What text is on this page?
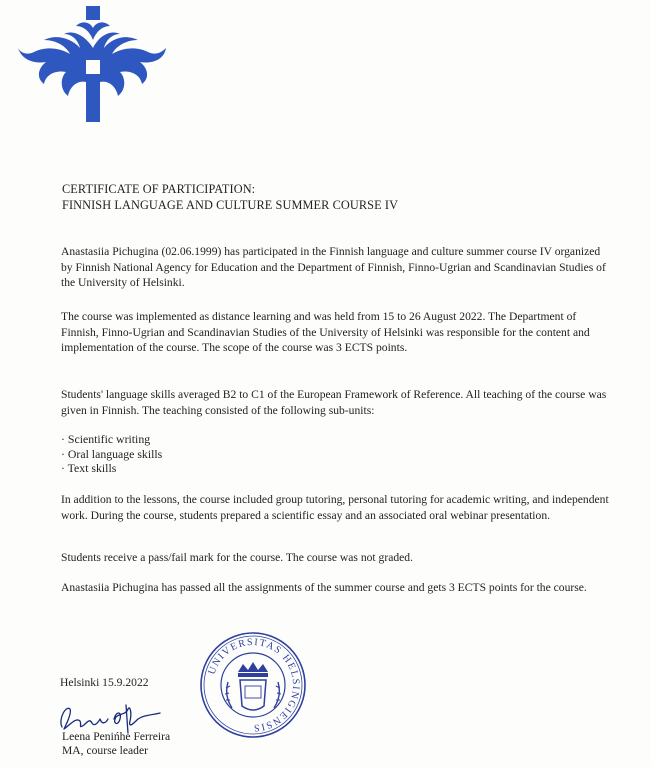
CERTIFICATE OF PARTICIPATION:
FINNISH LANGUAGE AND CULTURE SUMMER COURSE IV

Anastasiia Pichugina (02.06.1999) has participated in the Finnish language and culture summer course IV organized by Finnish National Agency for Education and the Department of Finnish, Finno-Ugrian and Scandinavian Studies of the University of Helsinki.

The course was implemented as distance learning and was held from 15 to 26 August 2022. The Department of Finnish, Finno-Ugrian and Scandinavian Studies of the University of Helsinki was responsible for the content and implementation of the course. The scope of the course was 3 ECTS points.

Students' language skills averaged B2 to C1 of the European Framework of Reference. All teaching of the course was given in Finnish. The teaching consisted of the following sub-units:

· Scientific writing
· Oral language skills
· Text skills

In addition to the lessons, the course included group tutoring, personal tutoring for academic writing, and independent work. During the course, students prepared a scientific essay and an associated oral webinar presentation.

Students receive a pass/fail mark for the course. The course was not graded.

Anastasiia Pichugina has passed all the assignments of the summer course and gets 3 ECTS points for the course.

UNIVERSITAS HELSINGIENSIS
Helsinki 15.9.2022
Leena Penińhe Ferreira
MA, course leader
